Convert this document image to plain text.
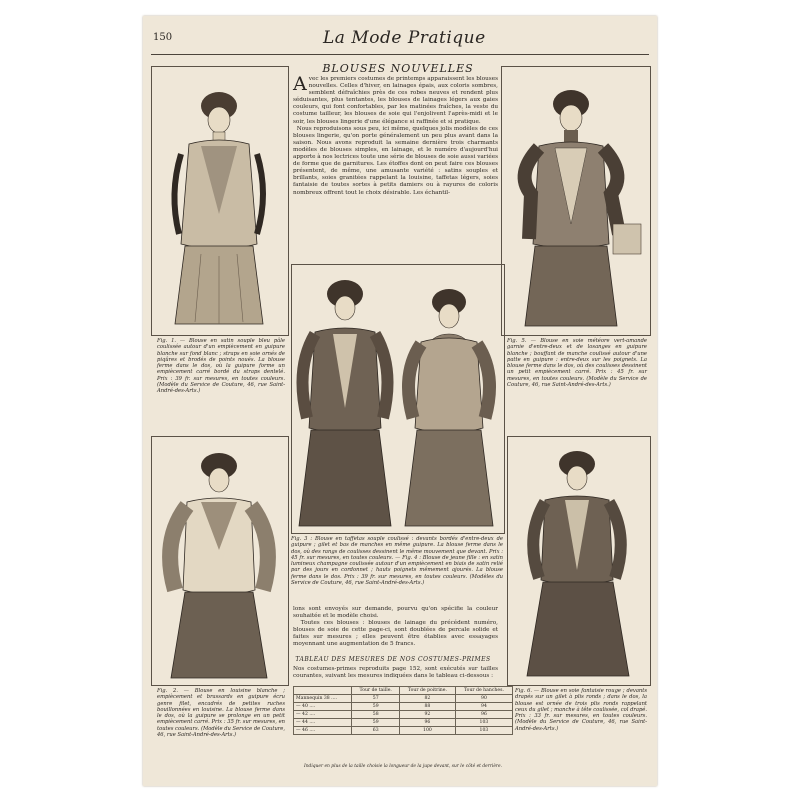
150	La Mode Pratique
Fig. 1. — Blouse en satin souple bleu pâle coulissée autour d'un empiècement en guipure blanche sur fond blanc ; straps en soie ornés de piqûres et brodés de points noués. La blouse ferme dans le dos, où la guipure forme un empiècement carré bordé du straps dentelé. Prix : 39 fr. sur mesures, en toutes couleurs. (Modèle du Service de Couture, 46, rue Saint-André-des-Arts.)
BLOUSES NOUVELLES
A vec les premiers costumes de printemps apparaissent les blouses nouvelles. Celles d'hiver, en lainages épais, aux coloris sombres, semblent défraîchies près de ces robes neuves et rendent plus séduisantes, plus tentantes, les blouses de lainages légers aux gaies couleurs, qui font confortables, par les matinées fraîches, la veste du costume tailleur, les blouses de soie qui l'enjolivent l'après-midi et le soir, les blouses lingerie d'une élégance si raffinée et si pratique.
Nous reproduisons sous peu, ici même, quelques jolis modèles de ces blouses lingerie, qu'on porte généralement un peu plus avant dans la saison. Nous avons reproduit la semaine dernière trois charmants modèles de blouses simples, en lainage, et le numéro d'aujourd'hui apporte à nos lectrices toute une série de blouses de soie aussi variées de forme que de garnitures. Les étoffes dont on peut faire ces blouses présentent, de même, une amusante variété : satins souples et brillants, soies granitées rappelant la louisine, taffetas légers, soies fantaisie de toutes sortes à petits damiers ou à rayures de coloris nombreux offrent tout le choix désirable. Les échantil-
Fig. 5. — Blouse en soie météore vert-amande garnie d'entre-deux et de losanges en guipure blanche ; bouffant de manche coulissé autour d'une patte en guipure : entre-deux sur les poignets. La blouse ferme dans le dos, où des coulisses dessinent un petit empiècement carré. Prix : 45 fr. sur mesures, en toutes couleurs. (Modèle du Service de Couture, 46, rue Saint-André-des-Arts.)
Fig. 3 : Blouse en taffetas souple coulissé : devants bordés d'entre-deux de guipure ; gilet et bas de manches en même guipure. La blouse ferme dans le dos, où des rangs de coulisses dessinent le même mouvement que devant. Prix : 45 fr. sur mesures, en toutes couleurs. — Fig. 4 : Blouse de jeune fille : en satin lumineux champagne coulissée autour d'un empiècement en biais de satin relié par des jours en cordonnet ; hauts poignets mêmement ajourés. La blouse ferme dans le dos. Prix : 39 fr. sur mesures, en toutes couleurs. (Modèles du Service de Couture, 46, rue Saint-André-des-Arts.)
Fig. 2. — Blouse en louisine blanche ; empiècement et brassards en guipure écru genre filet, encadrés de petites ruches bouillonnées en louisine. La blouse ferme dans le dos, où la guipure se prolonge en un petit empiècement carré. Prix : 35 fr. sur mesures, en toutes couleurs. (Modèle du Service de Couture, 46, rue Saint-André-des-Arts.)
Fig. 6. — Blouse en soie fantaisie rouge ; devants drapés sur un gilet à plis ronds ; dans le dos, la blouse est ornée de trois plis ronds rappelant ceux du gilet ; manche à tête coulissée, col drapé. Prix : 33 fr. sur mesures, en toutes couleurs. (Modèle du Service de Couture, 46, rue Saint-André-des-Arts.)
lons sont envoyés sur demande, pourvu qu'on spécifie la couleur souhaitée et le modèle choisi.
Toutes ces blouses : blouses de lainage du précédent numéro, blouses de soie de cette page-ci, sont doublées de percale solide et faites sur mesures ; elles peuvent être établies avec essayages moyennant une augmentation de 5 francs.
TABLEAU DES MESURES DE NOS COSTUMES-PRIMES
Nos costumes-primes reproduits page 152, sont exécutés sur tailles courantes, suivant les mesures indiquées dans le tableau ci-dessous :
	Tour de taille.	Tour de poitrine.	Tour de hanches.
Mannequin 38 ....	57	82	90
— 40 ....	59	88	94
— 42 ....	58	92	96
— 44 ....	59	96	103
— 46 ....	63	100	103
Indiquer en plus de la taille choisie la longueur de la jupe devant, sur le côté et derrière.
